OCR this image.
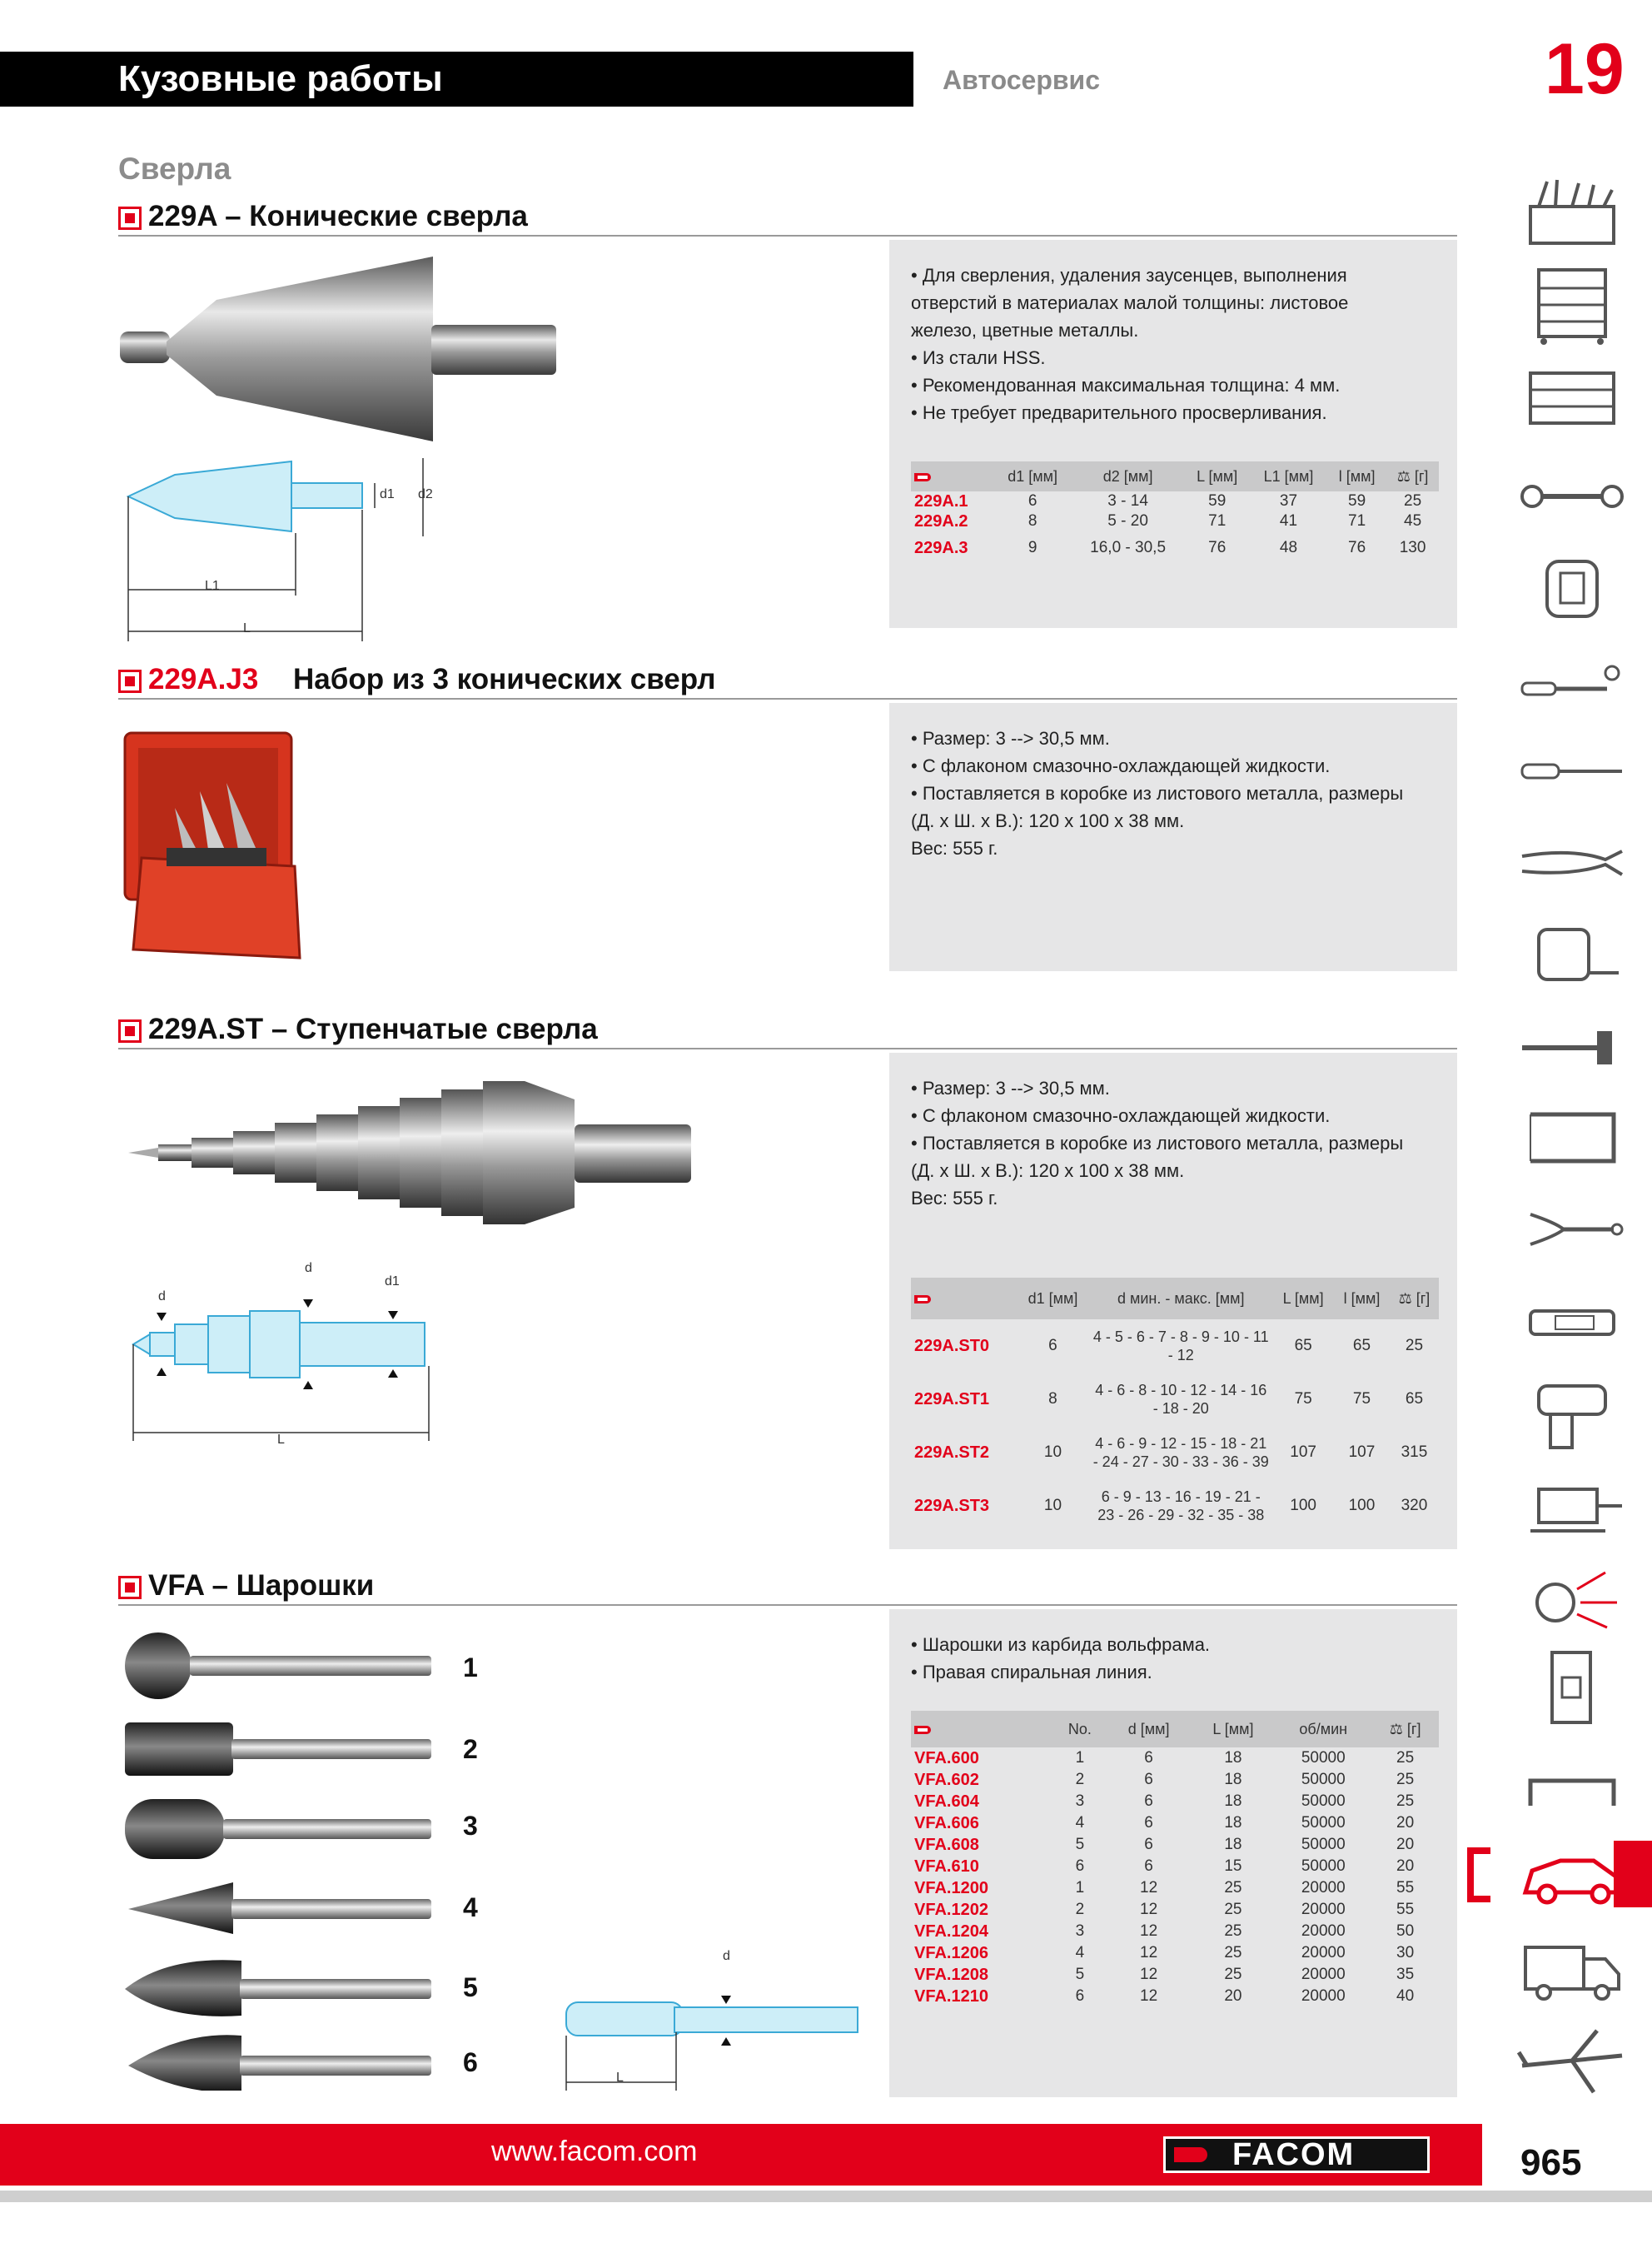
Кузовные работы	Автосервис	19
Сверла
229A – Конические сверла
d1 d2
L1
L
• Для сверления, удаления заусенцев, выполнения
отверстий в материалах малой толщины: листовое
железо, цветные металлы.
• Из стали HSS.
• Рекомендованная максимальная толщина: 4 мм.
• Не требует предварительного просверливания.
	d1 [мм]	d2 [мм]	L [мм]	L1 [мм]	l [мм]	⚖ [г]
229A.1	6	3 - 14	59	37	59	25
229A.2	8	5 - 20	71	41	71	45
229A.3	9	16,0 - 30,5	76	48	76	130
229A.J3 Набор из 3 конических сверл
• Размер: 3 --> 30,5 мм.
• С флаконом смазочно-охлаждающей жидкости.
• Поставляется в коробке из листового металла, размеры
(Д. х Ш. х В.): 120 x 100 x 38 мм.
Вес: 555 г.
229A.ST – Ступенчатые сверла
d
d
d1
L
• Размер: 3 --> 30,5 мм.
• С флаконом смазочно-охлаждающей жидкости.
• Поставляется в коробке из листового металла, размеры
(Д. х Ш. х В.): 120 x 100 x 38 мм.
Вес: 555 г.
	d1 [мм]	d мин. - макс. [мм]	L [мм]	l [мм]	⚖ [г]
229A.ST0	6	4 - 5 - 6 - 7 - 8 - 9 - 10 - 11 - 12	65	65	25
229A.ST1	8	4 - 6 - 8 - 10 - 12 - 14 - 16 - 18 - 20	75	75	65
229A.ST2	10	4 - 6 - 9 - 12 - 15 - 18 - 21 - 24 - 27 - 30 - 33 - 36 - 39	107	107	315
229A.ST3	10	6 - 9 - 13 - 16 - 19 - 21 - 23 - 26 - 29 - 32 - 35 - 38	100	100	320
VFA – Шарошки
1
2
3
4
5
6
d
L
• Шарошки из карбида вольфрама.
• Правая спиральная линия.
	No.	d [мм]	L [мм]	об/мин	⚖ [г]
VFA.600	1	6	18	50000	25
VFA.602	2	6	18	50000	25
VFA.604	3	6	18	50000	25
VFA.606	4	6	18	50000	20
VFA.608	5	6	18	50000	20
VFA.610	6	6	15	50000	20
VFA.1200	1	12	25	20000	55
VFA.1202	2	12	25	20000	55
VFA.1204	3	12	25	20000	50
VFA.1206	4	12	25	20000	30
VFA.1208	5	12	25	20000	35
VFA.1210	6	12	20	20000	40
www.facom.com	FACOM	965
